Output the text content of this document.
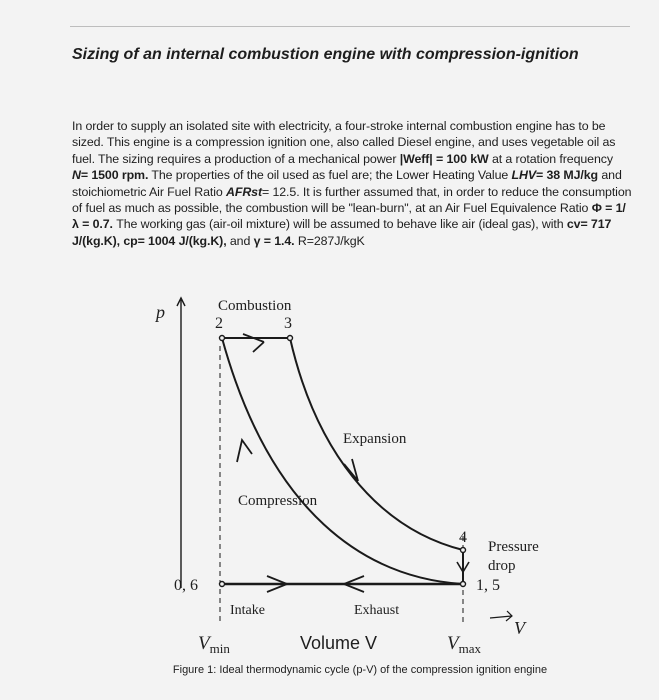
Sizing of an internal combustion engine with compression-ignition
In order to supply an isolated site with electricity, a four-stroke internal combustion engine has to be sized. This engine is a compression ignition one, also called Diesel engine, and uses vegetable oil as fuel. The sizing requires a production of a mechanical power |Weff| = 100 kW at a rotation frequency N= 1500 rpm. The properties of the oil used as fuel are; the Lower Heating Value LHV= 38 MJ/kg and stoichiometric Air Fuel Ratio AFRst= 12.5. It is further assumed that, in order to reduce the consumption of fuel as much as possible, the combustion will be "lean-burn", at an Air Fuel Equivalence Ratio Φ = 1/λ = 0.7. The working gas (air-oil mixture) will be assumed to behave like air (ideal gas), with cv= 717 J/(kg.K), cp= 1004 J/(kg.K), and γ = 1.4. R=287J/kgK
p	Combustion
2	3
Expansion
Compression
4
Pressure
drop
1, 5
0, 6
Intake	Exhaust
V
$V_{min}$	$V_{max}$
Volume V
Figure 1: Ideal thermodynamic cycle (p-V) of the compression ignition engine
